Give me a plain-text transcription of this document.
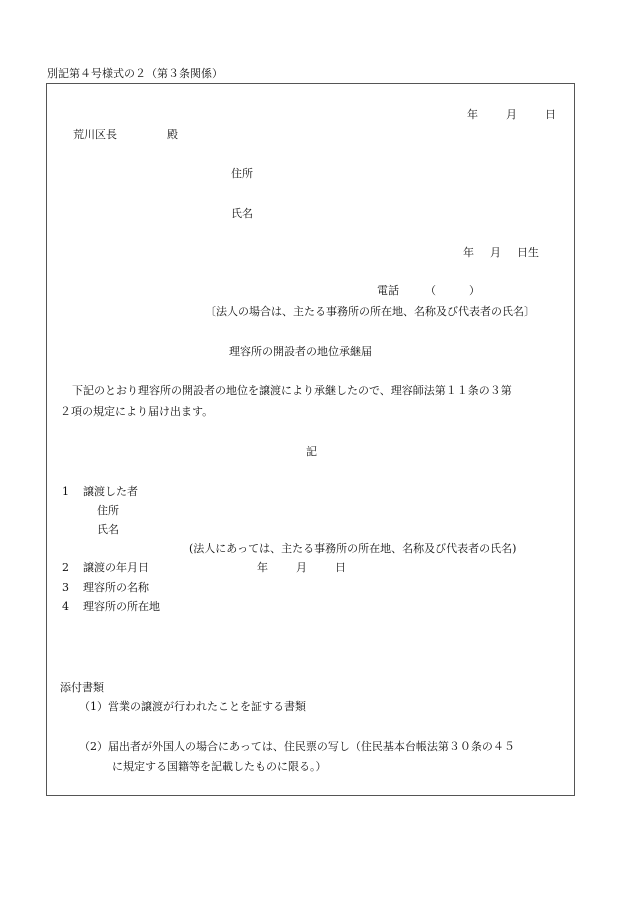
別記第４号様式の２（第３条関係）
年	月	日
荒川区長	殿
住所
氏名
年 月 日生
電話 （　　　）
〔法人の場合は、主たる事務所の所在地、名称及び代表者の氏名〕
理容所の開設者の地位承継届
下記のとおり理容所の開設者の地位を譲渡により承継したので、理容師法第１１条の３第
２項の規定により届け出ます。
記
1 譲渡した者
住所
氏名
(法人にあっては、主たる事務所の所在地、名称及び代表者の氏名)
2 譲渡の年月日	年	月	日
3 理容所の名称
4 理容所の所在地
添付書類
（1）営業の譲渡が行われたことを証する書類
（2）届出者が外国人の場合にあっては、住民票の写し（住民基本台帳法第３０条の４５
に規定する国籍等を記載したものに限る。）
